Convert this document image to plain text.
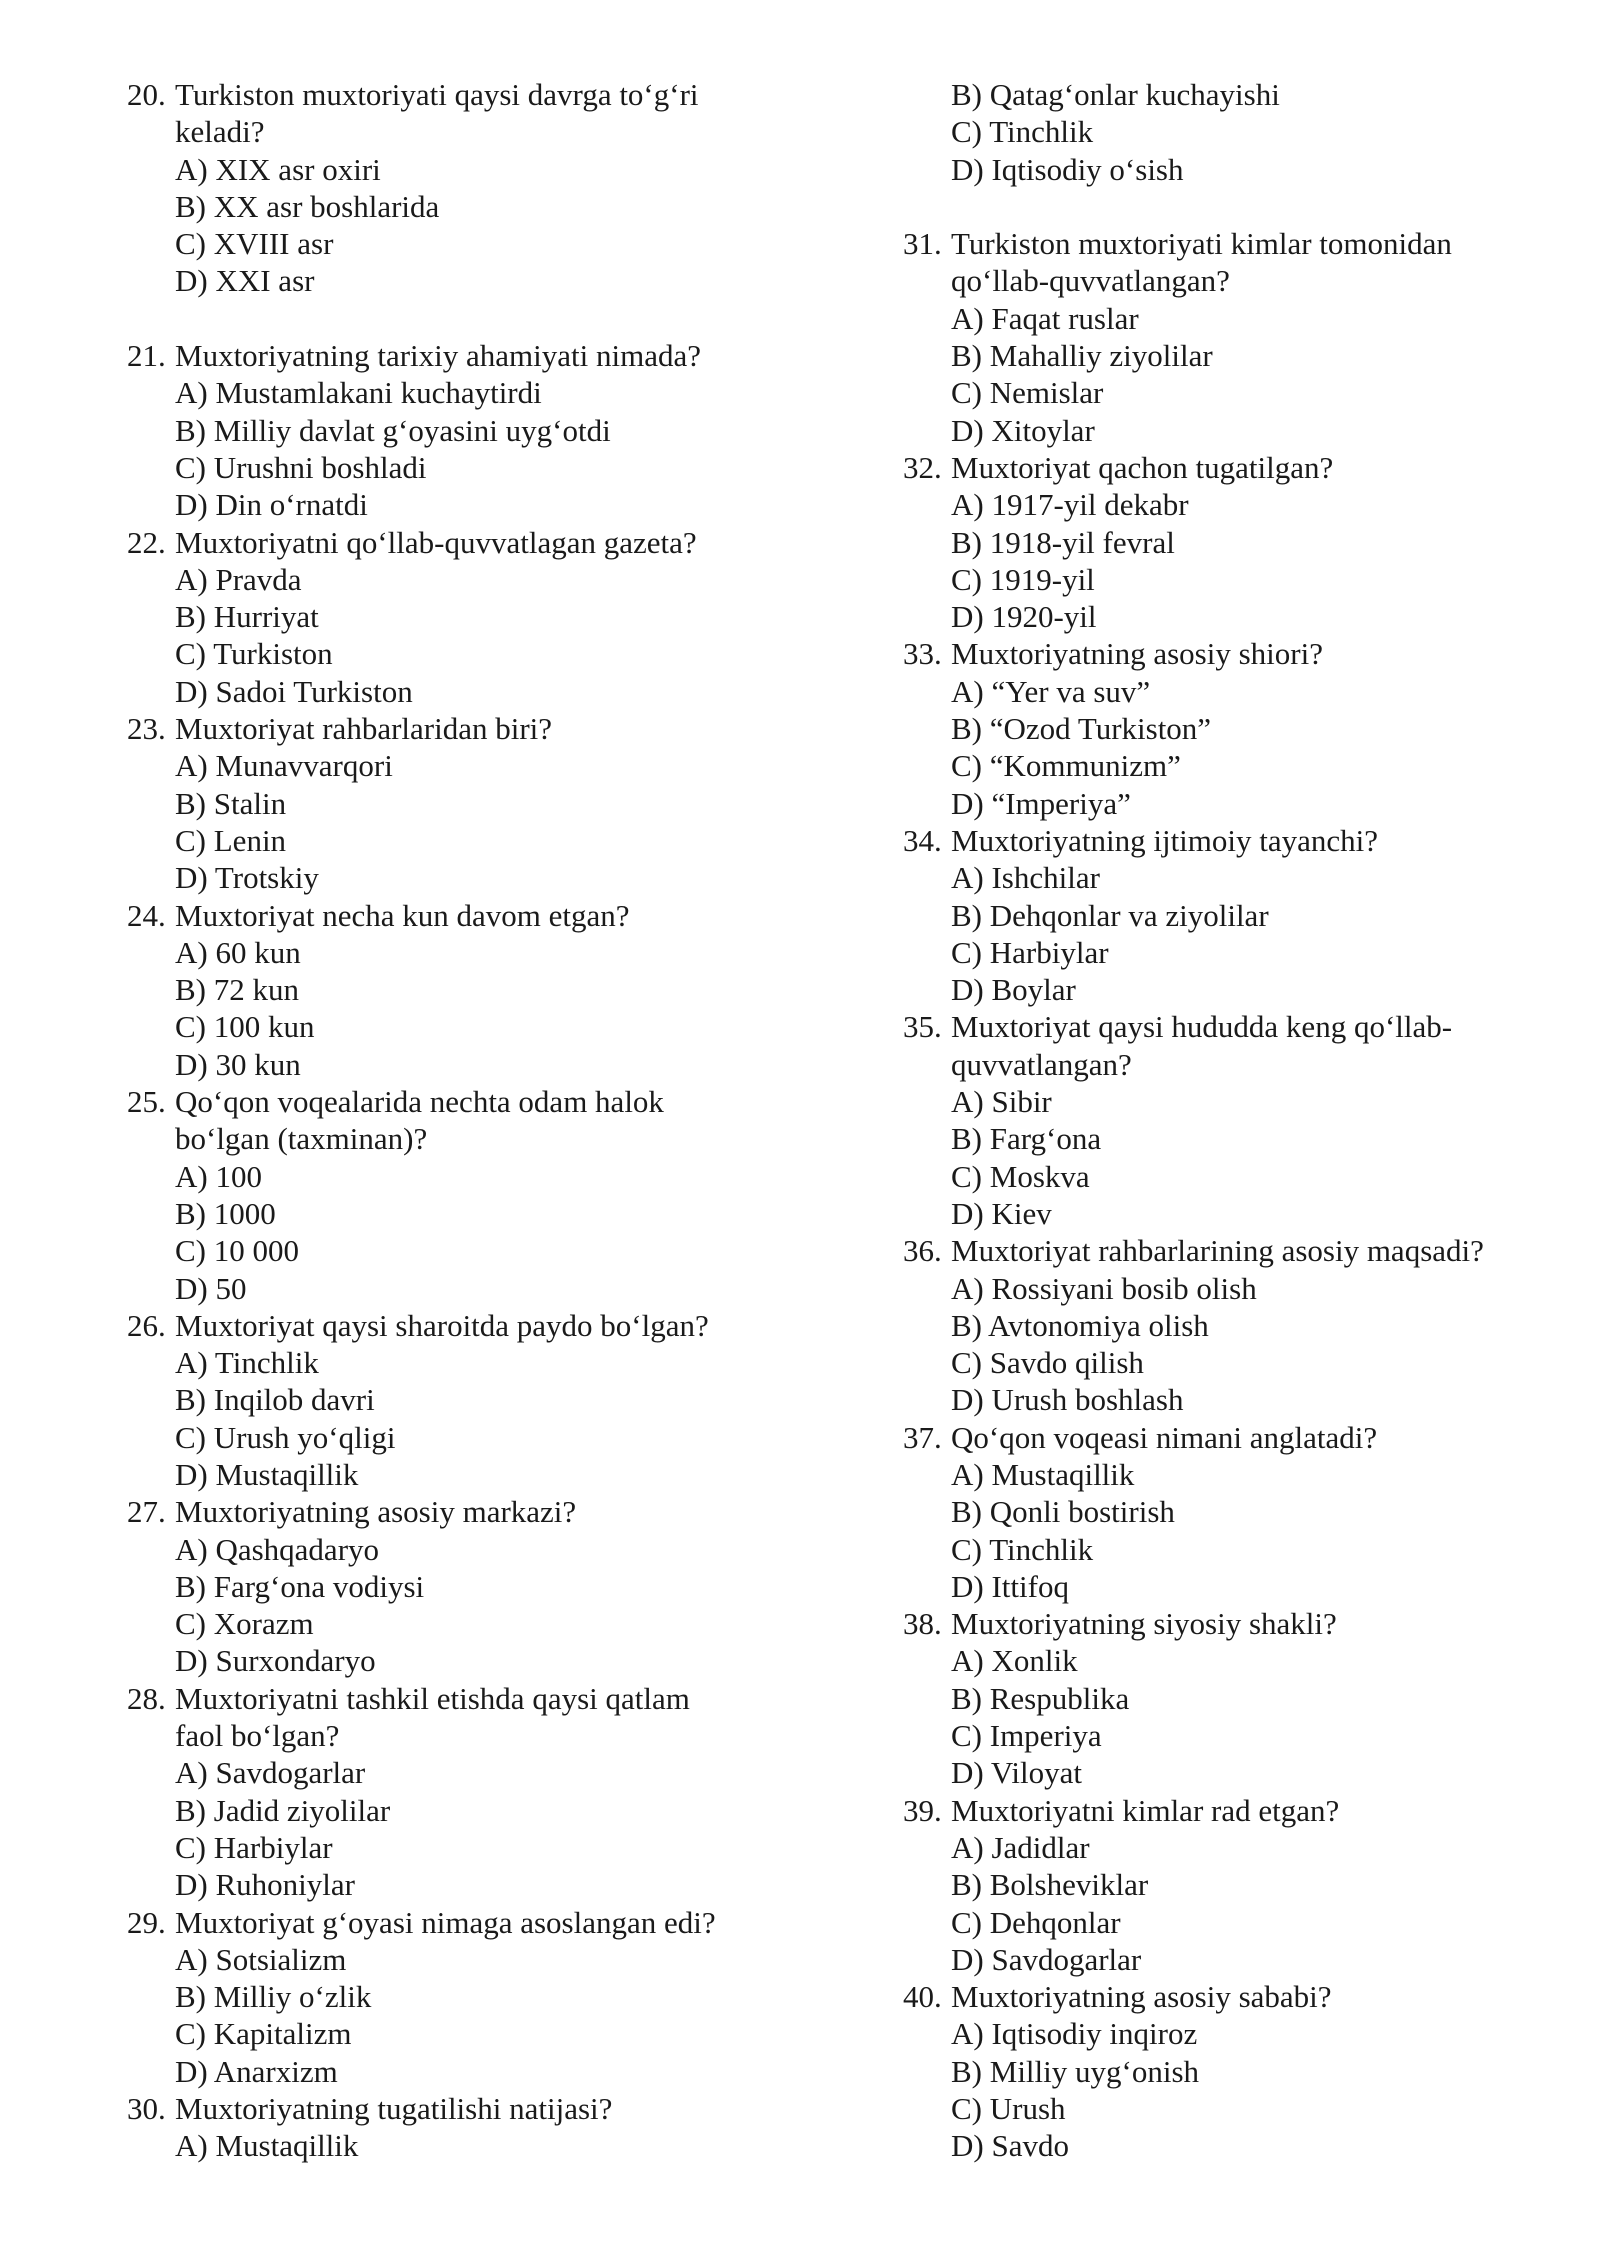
20. Turkiston muxtoriyati qaysi davrga to‘g‘ri
keladi?
A) XIX asr oxiri
B) XX asr boshlarida
C) XVIII asr
D) XXI asr
21. Muxtoriyatning tarixiy ahamiyati nimada?
A) Mustamlakani kuchaytirdi
B) Milliy davlat g‘oyasini uyg‘otdi
C) Urushni boshladi
D) Din o‘rnatdi
22. Muxtoriyatni qo‘llab-quvvatlagan gazeta?
A) Pravda
B) Hurriyat
C) Turkiston
D) Sadoi Turkiston
23. Muxtoriyat rahbarlaridan biri?
A) Munavvarqori
B) Stalin
C) Lenin
D) Trotskiy
24. Muxtoriyat necha kun davom etgan?
A) 60 kun
B) 72 kun
C) 100 kun
D) 30 kun
25. Qo‘qon voqealarida nechta odam halok
bo‘lgan (taxminan)?
A) 100
B) 1000
C) 10 000
D) 50
26. Muxtoriyat qaysi sharoitda paydo bo‘lgan?
A) Tinchlik
B) Inqilob davri
C) Urush yo‘qligi
D) Mustaqillik
27. Muxtoriyatning asosiy markazi?
A) Qashqadaryo
B) Farg‘ona vodiysi
C) Xorazm
D) Surxondaryo
28. Muxtoriyatni tashkil etishda qaysi qatlam
faol bo‘lgan?
A) Savdogarlar
B) Jadid ziyolilar
C) Harbiylar
D) Ruhoniylar
29. Muxtoriyat g‘oyasi nimaga asoslangan edi?
A) Sotsializm
B) Milliy o‘zlik
C) Kapitalizm
D) Anarxizm
30. Muxtoriyatning tugatilishi natijasi?
A) Mustaqillik
B) Qatag‘onlar kuchayishi
C) Tinchlik
D) Iqtisodiy o‘sish
31. Turkiston muxtoriyati kimlar tomonidan
qo‘llab-quvvatlangan?
A) Faqat ruslar
B) Mahalliy ziyolilar
C) Nemislar
D) Xitoylar
32. Muxtoriyat qachon tugatilgan?
A) 1917-yil dekabr
B) 1918-yil fevral
C) 1919-yil
D) 1920-yil
33. Muxtoriyatning asosiy shiori?
A) “Yer va suv”
B) “Ozod Turkiston”
C) “Kommunizm”
D) “Imperiya”
34. Muxtoriyatning ijtimoiy tayanchi?
A) Ishchilar
B) Dehqonlar va ziyolilar
C) Harbiylar
D) Boylar
35. Muxtoriyat qaysi hududda keng qo‘llab-
quvvatlangan?
A) Sibir
B) Farg‘ona
C) Moskva
D) Kiev
36. Muxtoriyat rahbarlarining asosiy maqsadi?
A) Rossiyani bosib olish
B) Avtonomiya olish
C) Savdo qilish
D) Urush boshlash
37. Qo‘qon voqeasi nimani anglatadi?
A) Mustaqillik
B) Qonli bostirish
C) Tinchlik
D) Ittifoq
38. Muxtoriyatning siyosiy shakli?
A) Xonlik
B) Respublika
C) Imperiya
D) Viloyat
39. Muxtoriyatni kimlar rad etgan?
A) Jadidlar
B) Bolsheviklar
C) Dehqonlar
D) Savdogarlar
40. Muxtoriyatning asosiy sababi?
A) Iqtisodiy inqiroz
B) Milliy uyg‘onish
C) Urush
D) Savdo
